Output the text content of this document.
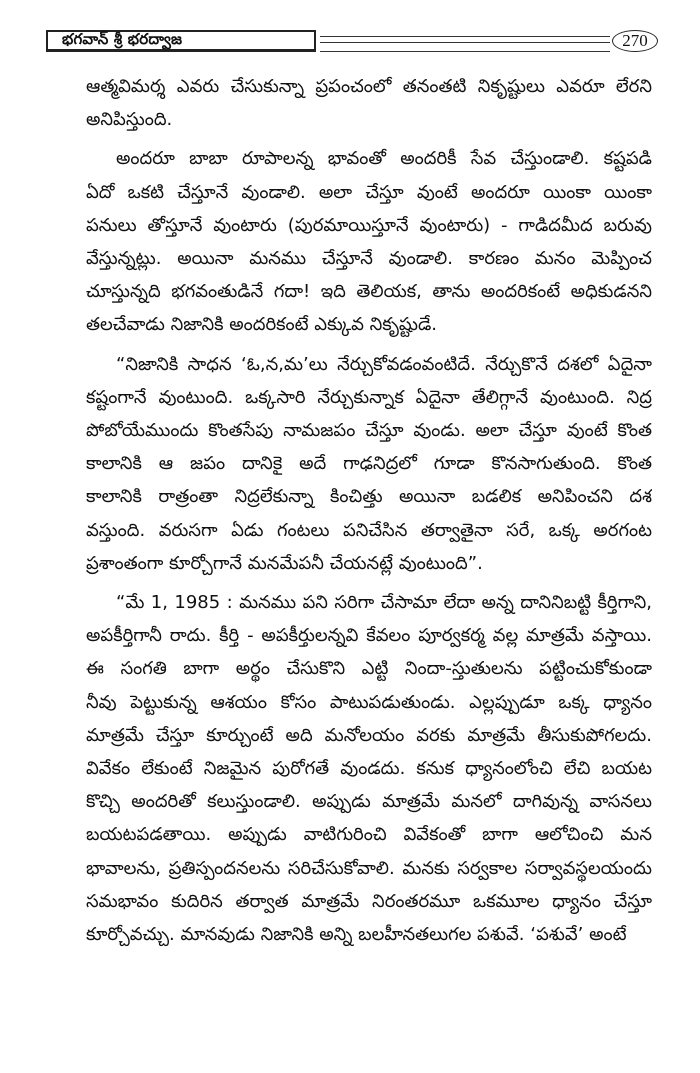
భగవాన్ శ్రీ భరద్వాజ	270

ఆత్మవిమర్శ ఎవరు చేసుకున్నా ప్రపంచంలో తనంతటి నికృష్టులు ఎవరూ లేరని
అనిపిస్తుంది.

అందరూ బాబా రూపాలన్న భావంతో అందరికీ సేవ చేస్తుండాలి. కష్టపడి
ఏదో ఒకటి చేస్తూనే వుండాలి. అలా చేస్తూ వుంటే అందరూ యింకా యింకా
పనులు తోస్తూనే వుంటారు (పురమాయిస్తూనే వుంటారు) - గాడిదమీద బరువు
వేస్తున్నట్లు. అయినా మనము చేస్తూనే వుండాలి. కారణం మనం మెప్పించ
చూస్తున్నది భగవంతుడినే గదా! ఇది తెలియక, తాను అందరికంటే అధికుడనని
తలచేవాడు నిజానికి అందరికంటే ఎక్కువ నికృష్టుడే.

“నిజానికి సాధన ‘ఓ,న,మ’లు నేర్చుకోవడంవంటిదే. నేర్చుకొనే దశలో ఏదైనా
కష్టంగానే వుంటుంది. ఒక్కసారి నేర్చుకున్నాక ఏదైనా తేలిగ్గానే వుంటుంది. నిద్ర
పోబోయేముందు కొంతసేపు నామజపం చేస్తూ వుండు. అలా చేస్తూ వుంటే కొంత
కాలానికి ఆ జపం దానికై అదే గాఢనిద్రలో గూడా కొనసాగుతుంది. కొంత
కాలానికి రాత్రంతా నిద్రలేకున్నా కించిత్తు అయినా బడలిక అనిపించని దశ
వస్తుంది. వరుసగా ఏడు గంటలు పనిచేసిన తర్వాతైనా సరే, ఒక్క అరగంట
ప్రశాంతంగా కూర్చోగానే మనమేపనీ చేయనట్లే వుంటుంది”.

“మే 1, 1985 : మనము పని సరిగా చేసామా లేదా అన్న దానినిబట్టి కీర్తిగాని,
అపకీర్తిగానీ రాదు. కీర్తి - అపకీర్తులన్నవి కేవలం పూర్వకర్మ వల్ల మాత్రమే వస్తాయి.
ఈ సంగతి బాగా అర్థం చేసుకొని ఎట్టి నిందా-స్తుతులను పట్టించుకోకుండా
నీవు పెట్టుకున్న ఆశయం కోసం పాటుపడుతుండు. ఎల్లప్పుడూ ఒక్క ధ్యానం
మాత్రమే చేస్తూ కూర్చుంటే అది మనోలయం వరకు మాత్రమే తీసుకుపోగలదు.
వివేకం లేకుంటే నిజమైన పురోగతే వుండదు. కనుక ధ్యానంలోంచి లేచి బయట
కొచ్చి అందరితో కలుస్తుండాలి. అప్పుడు మాత్రమే మనలో దాగివున్న వాసనలు
బయటపడతాయి. అప్పుడు వాటిగురించి వివేకంతో బాగా ఆలోచించి మన
భావాలను, ప్రతిస్పందనలను సరిచేసుకోవాలి. మనకు సర్వకాల సర్వావస్థలయందు
సమభావం కుదిరిన తర్వాత మాత్రమే నిరంతరమూ ఒకమూల ధ్యానం చేస్తూ
కూర్చోవచ్చు. మానవుడు నిజానికి అన్ని బలహీనతలుగల పశువే. ‘పశువే’ అంటే
